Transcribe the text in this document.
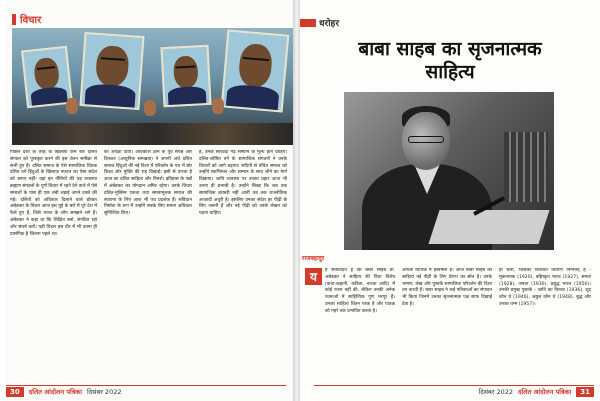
विचार
पिछले दशों के तरह के खिलाफ़ कम बार दलित संगठन को पुरस्कृत करने की इस चेतन समीक्षा से सभी हुए हैं। दलित समाज के ऐसे सामाजिक चिंतक दलित वर्ग हिंदुओं के खिलाफ़ नफ़रत का ऐसा संदेश को बनाए नहीं। वहां इन नीतियों की यह व्यवस्था ब्राह्मण संगठनों के पूर्ण विचार में रहने देने वाले में ऐसे समाजों के पास ही एक लंबी लड़ाई अपने वास्ते की गई। दलितों को अधिकार दिलाने वाले डॉक्टर अंबेडकर के विचार आज इस मुद्दे के बारे में पूरे देश में फैले हुए हैं, जिसे भारत के लोग समझने लगे हैं। अंबेडकर ने कहा था कि शिक्षित बनो, संगठित रहो और संघर्ष करो। यही विचार इस दौर में भी उतना ही प्रासंगिक है जितना पहले था।
का अपेक्षा दिया। अधिकांश ज्ञान के पूर्व संपन्न और दिनकर (आधुनिक सम्पन्नता) ने अपनी अर्थ दलित समाज हिंदुओं की नई दिशा में परिवर्तन के पथ में बोर शिक्षा और मुक्ति की राह दिखाई। इसी से उपजा है आज का दलित साहित्य और विमर्श। इतिहास के पन्नों में अंबेडकर का योगदान अमिट रहेगा। उनके विचार दलित-मुस्लिम एकता तथा समतामूलक समाज की स्थापना के लिए आज भी पथ प्रदर्शक हैं। संविधान निर्माता के रूप में उन्होंने सबके लिए समान अधिकार सुनिश्चित किए।
है, उनके सच्चिदा गढ़ संस्थान के मूल्य होने चाहिए। दलित-शोषित वर्ग के सामाजिक संगठनों ने उनके विचारों को आगे बढ़ाया। सदियों से वंचित समाज को उन्होंने स्वाभिमान और सम्मान के साथ जीने का मार्ग दिखाया। जाति व्यवस्था पर उनका प्रहार आज भी उतना ही प्रभावी है। उन्होंने लिखा कि जब तक सामाजिक बराबरी नहीं आती तब तक राजनीतिक आज़ादी अधूरी है। इसलिए उनका संदेश हर पीढ़ी के लिए जरूरी है और नई पीढ़ी को उनके लेखन को पढ़ना चाहिए।
धरोहर
बाबा साहब का सृजनात्मक साहित्य
राजबहादुर
य	ह सर्वविदित है कि बाबा साहब डॉ. अंबेडकर ने साहित्य की विधा विशेष (कथा-कहानी, कविता, नाटक आदि) में कोई रचना नहीं की, लेकिन उनकी अनेक रचनाओं में साहित्यिक गुण भरपूर हैं। उनका साहित्य चिंतन परक है और पाठक को गहरे तक प्रभावित करता है।
अधिक व्यापक में इस्तेमाल है। आज बाबा साहब का साहित्य नई पीढ़ी के लिए प्रेरणा का स्रोत है। उनके भाषण, लेख और पुस्तकें सामाजिक परिवर्तन की दिशा तय करती हैं। बाबा साहब ने कई पत्रिकाओं का संपादन भी किया जिनमें उनका सृजनात्मक पक्ष साफ़ दिखाई देता है।
हो चली, जिसका विधिवत विवरण निम्नवत् है - मूकनायक (1920), बहिष्कृत भारत (1927), समता (1928), जनता (1930), प्रबुद्ध भारत (1956)। उनकी प्रमुख पुस्तकें - जाति का विनाश (1936), शूद्र कौन थे (1946), अछूत कौन थे (1948), बुद्ध और उनका धम्म (1957)।
30	दलित आंदोलन पत्रिका दिसंबर 2022	दिसंबर 2022 दलित आंदोलन पत्रिका	31
